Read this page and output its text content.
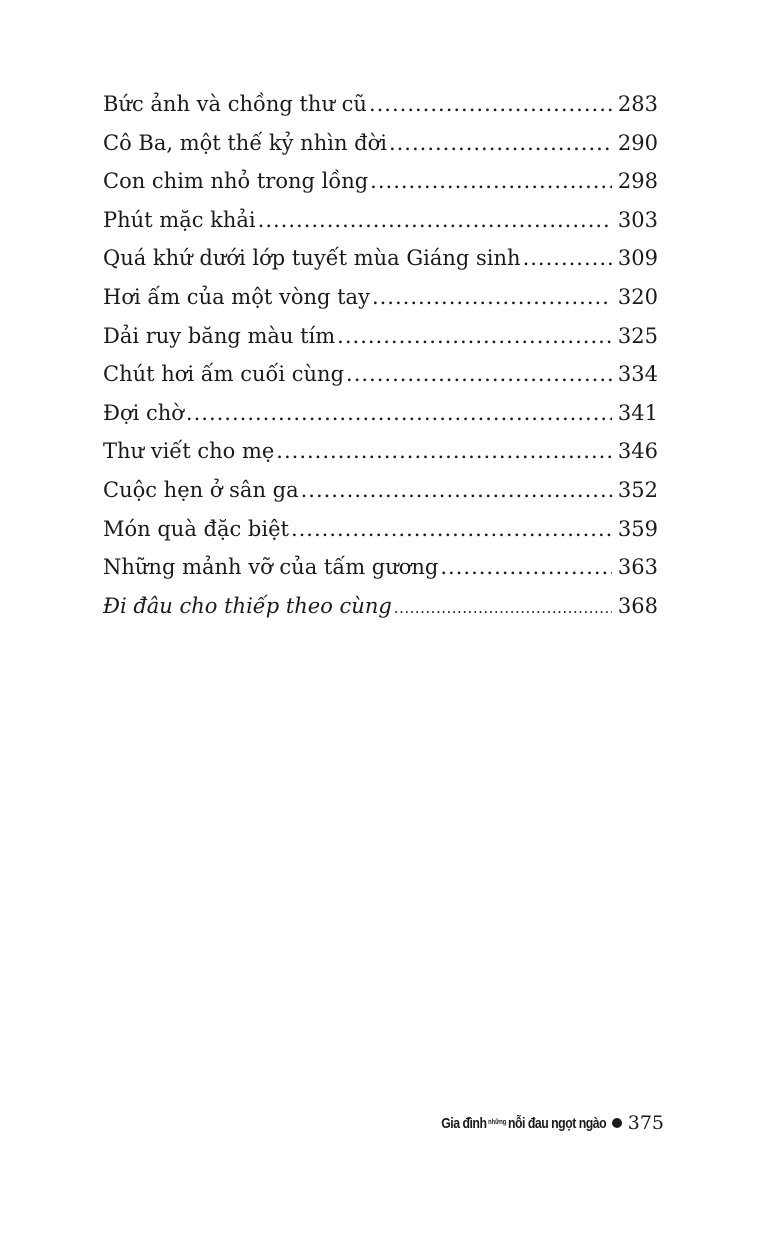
Bức ảnh và chồng thư cũ .....	283
Cô Ba, một thế kỷ nhìn đời .....	290
Con chim nhỏ trong lồng .....	298
Phút mặc khải .....	303
Quá khứ dưới lớp tuyết mùa Giáng sinh .....	309
Hơi ấm của một vòng tay .....	320
Dải ruy băng màu tím .....	325
Chút hơi ấm cuối cùng .....	334
Đợi chờ .....	341
Thư viết cho mẹ .....	346
Cuộc hẹn ở sân ga .....	352
Món quà đặc biệt .....	359
Những mảnh vỡ của tấm gương .....	363
Đi đâu cho thiếp theo cùng .....	368
Gia đình $^{những}$ nỗi đau ngọt ngào 375
